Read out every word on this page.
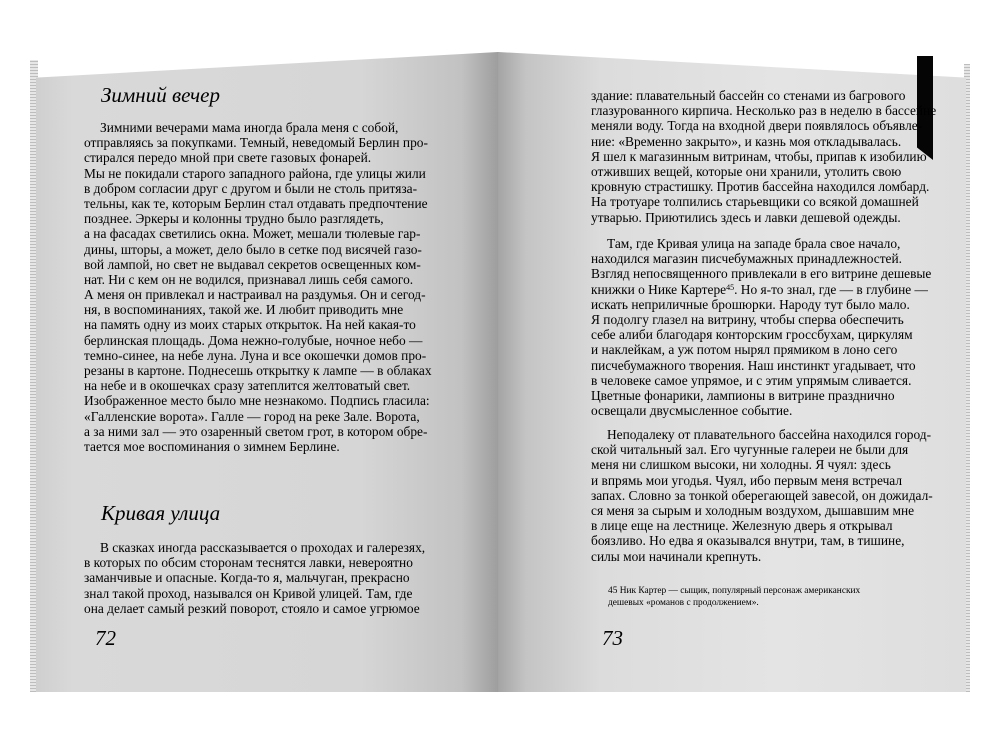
Зимний вечер
Зимними вечерами мама иногда брала меня с собой,
отправляясь за покупками. Темный, неведомый Берлин про-
стирался передо мной при свете газовых фонарей.
Мы не покидали старого западного района, где улицы жили
в добром согласии друг с другом и были не столь притяза-
тельны, как те, которым Берлин стал отдавать предпочтение
позднее. Эркеры и колонны трудно было разглядеть,
а на фасадах светились окна. Может, мешали тюлевые гар-
дины, шторы, а может, дело было в сетке под висячей газо-
вой лампой, но свет не выдавал секретов освещенных ком-
нат. Ни с кем он не водился, признавал лишь себя самого.
А меня он привлекал и настраивал на раздумья. Он и сегод-
ня, в воспоминаниях, такой же. И любит приводить мне
на память одну из моих старых открыток. На ней какая-то
берлинская площадь. Дома нежно-голубые, ночное небо —
темно-синее, на небе луна. Луна и все окошечки домов про-
резаны в картоне. Поднесешь открытку к лампе — в облаках
на небе и в окошечках сразу затеплится желтоватый свет.
Изображенное место было мне незнакомо. Подпись гласила:
«Галленские ворота». Галле — город на реке Зале. Ворота,
а за ними зал — это озаренный светом грот, в котором обре-
тается мое воспоминания о зимнем Берлине.
Кривая улица
В сказках иногда рассказывается о проходах и галерезях,
в которых по обсим сторонам теснятся лавки, невероятно
заманчивые и опасные. Когда-то я, мальчуган, прекрасно
знал такой проход, назывался он Кривой улицей. Там, где
она делает самый резкий поворот, стояло и самое угрюмое
72
здание: плавательный бассейн со стенами из багрового
глазурованного кирпича. Несколько раз в неделю в бассейне
меняли воду. Тогда на входной двери появлялось объявле-
ние: «Временно закрыто», и казнь моя откладывалась.
Я шел к магазинным витринам, чтобы, припав к изобилию
отживших вещей, которые они хранили, утолить свою
кровную страстишку. Против бассейна находился ломбард.
На тротуаре толпились старьевщики со всякой домашней
утварью. Приютились здесь и лавки дешевой одежды.
Там, где Кривая улица на западе брала свое начало,
находился магазин писчебумажных принадлежностей.
Взгляд непосвященного привлекали в его витрине дешевые
книжки о Нике Картере$^{45}$. Но я-то знал, где — в глубине —
искать неприличные брошюрки. Народу тут было мало.
Я подолгу глазел на витрину, чтобы сперва обеспечить
себе алиби благодаря конторским гроссбухам, циркулям
и наклейкам, а уж потом нырял прямиком в лоно сего
писчебумажного творения. Наш инстинкт угадывает, что
в человеке самое упрямое, и с этим упрямым сливается.
Цветные фонарики, лампионы в витрине празднично
освещали двусмысленное событие.
Неподалеку от плавательного бассейна находился город-
ской читальный зал. Его чугунные галереи не были для
меня ни слишком высоки, ни холодны. Я чуял: здесь
и впрямь мои угодья. Чуял, ибо первым меня встречал
запах. Словно за тонкой оберегающей завесой, он дожидал-
ся меня за сырым и холодным воздухом, дышавшим мне
в лице еще на лестнице. Железную дверь я открывал
боязливо. Но едва я оказывался внутри, там, в тишине,
силы мои начинали крепнуть.
45 Ник Картер — сыщик, популярный персонаж американских
дешевых «романов с продолжением».
73
